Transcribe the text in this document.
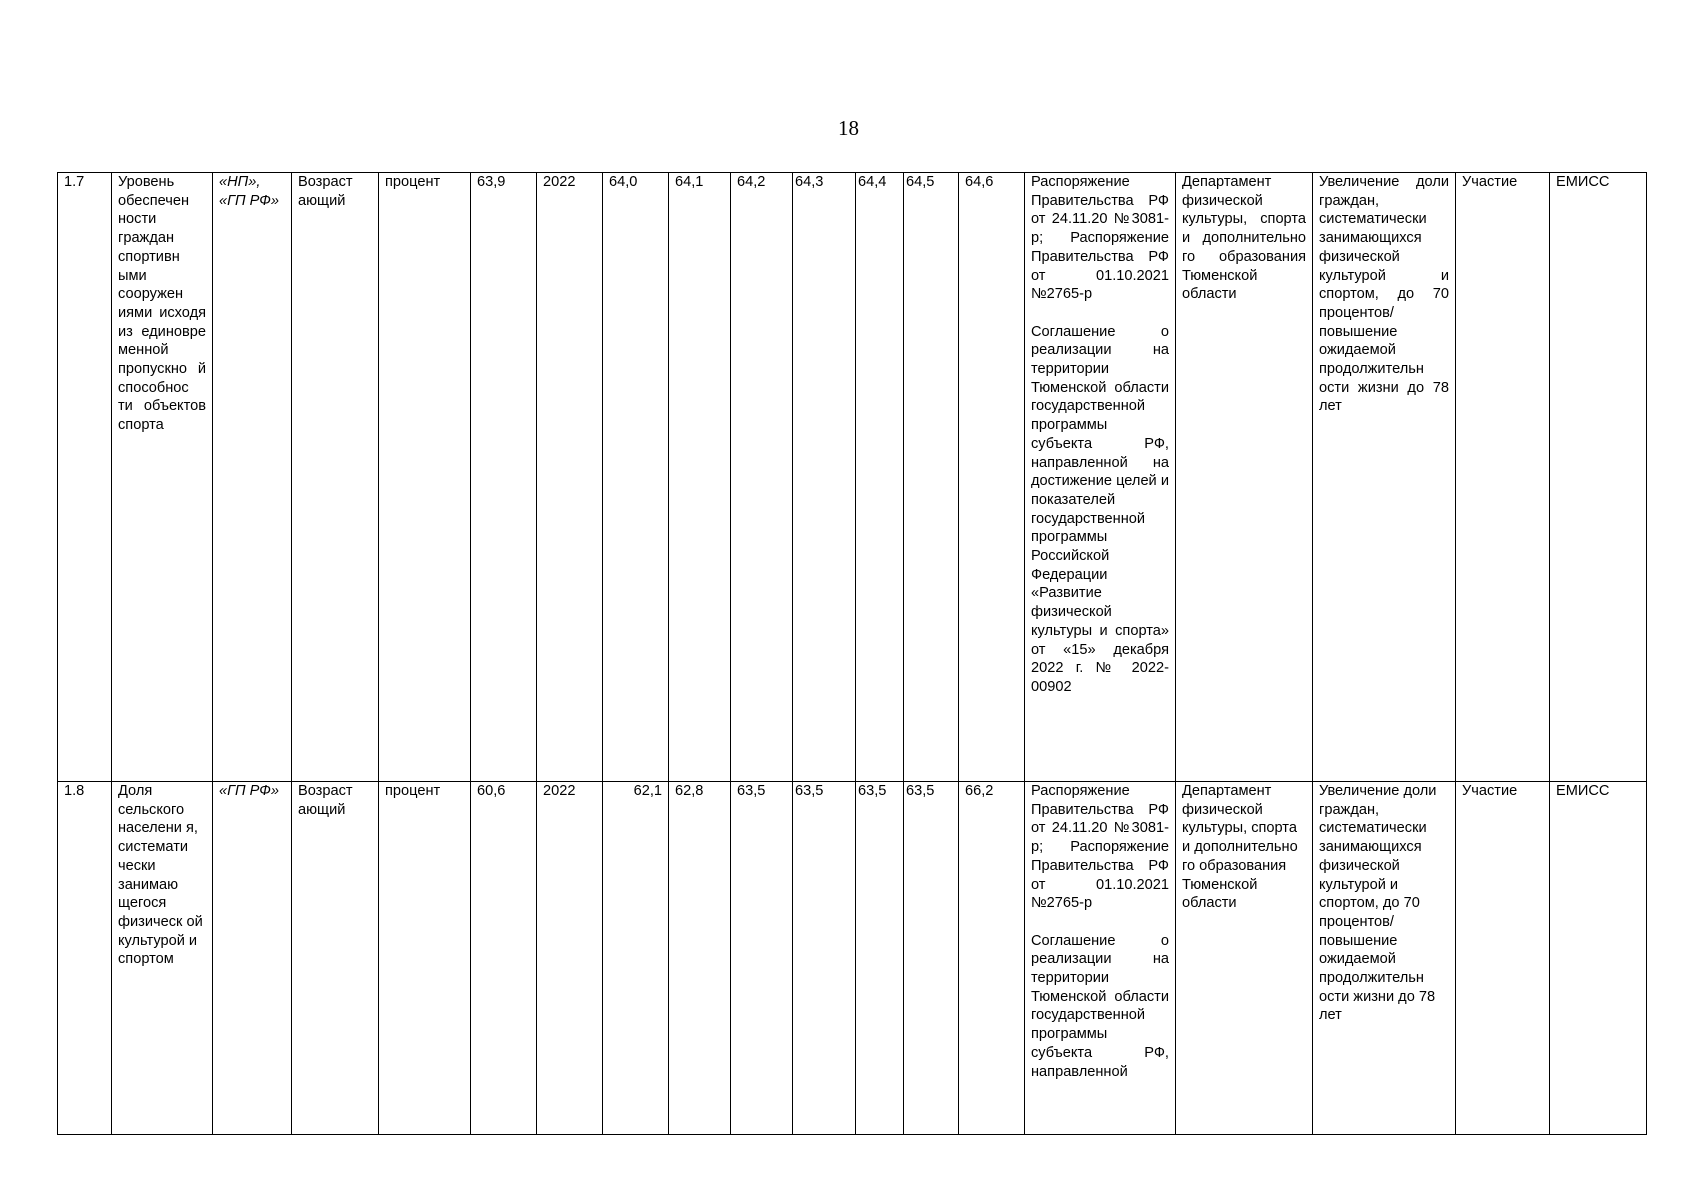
18
1.7	Уровень обеспечен ности граждан спортивн ыми сооружен иями исходя из единовре менной пропускно й способнос ти объектов спорта	«НП», «ГП РФ»	Возраст ающий	процент	63,9	2022	64,0	64,1	64,2	64,3	64,4	64,5	64,6	Распоряжение Правительства РФ от 24.11.20 №3081-р; Распоряжение Правительства РФ от 01.10.2021 №2765-р

Соглашение о реализации на территории Тюменской области государственной программы субъекта РФ, направленной на достижение целей и показателей государственной программы Российской Федерации «Развитие физической культуры и спорта» от «15» декабря 2022 г. № 2022-00902	Департамент физической культуры, спорта и дополнительно го образования Тюменской области	Увеличение доли граждан, систематически занимающихся физической культурой и спортом, до 70 процентов/ повышение ожидаемой продолжительн ости жизни до 78 лет	Участие	ЕМИСС
1.8	Доля сельского населени я, системати чески занимаю щегося физическ ой культурой и спортом	«ГП РФ»	Возраст ающий	процент	60,6	2022	62,1	62,8	63,5	63,5	63,5	63,5	66,2	Распоряжение Правительства РФ от 24.11.20 №3081-р; Распоряжение Правительства РФ от 01.10.2021 №2765-р

Соглашение о реализации на территории Тюменской области государственной программы субъекта РФ, направленной	Департамент физической культуры, спорта и дополнительно го образования Тюменской области	Увеличение доли граждан, систематически занимающихся физической культурой и спортом, до 70 процентов/ повышение ожидаемой продолжительн ости жизни до 78 лет	Участие	ЕМИСС
